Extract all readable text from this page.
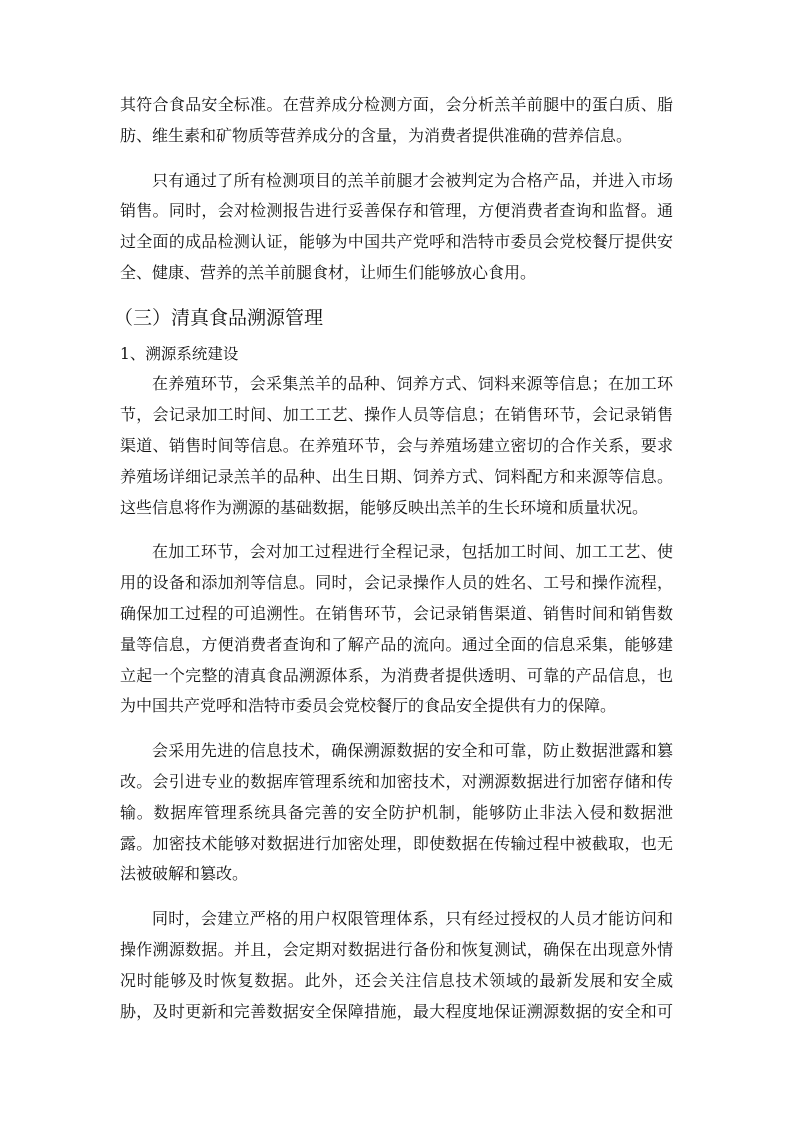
其符合食品安全标准。在营养成分检测方面，会分析羔羊前腿中的蛋白质、脂
肪、维生素和矿物质等营养成分的含量，为消费者提供准确的营养信息。
只有通过了所有检测项目的羔羊前腿才会被判定为合格产品，并进入市场
销售。同时，会对检测报告进行妥善保存和管理，方便消费者查询和监督。通
过全面的成品检测认证，能够为中国共产党呼和浩特市委员会党校餐厅提供安
全、健康、营养的羔羊前腿食材，让师生们能够放心食用。
（三）清真食品溯源管理
1、溯源系统建设
在养殖环节，会采集羔羊的品种、饲养方式、饲料来源等信息；在加工环
节，会记录加工时间、加工工艺、操作人员等信息；在销售环节，会记录销售
渠道、销售时间等信息。在养殖环节，会与养殖场建立密切的合作关系，要求
养殖场详细记录羔羊的品种、出生日期、饲养方式、饲料配方和来源等信息。
这些信息将作为溯源的基础数据，能够反映出羔羊的生长环境和质量状况。
在加工环节，会对加工过程进行全程记录，包括加工时间、加工工艺、使
用的设备和添加剂等信息。同时，会记录操作人员的姓名、工号和操作流程，
确保加工过程的可追溯性。在销售环节，会记录销售渠道、销售时间和销售数
量等信息，方便消费者查询和了解产品的流向。通过全面的信息采集，能够建
立起一个完整的清真食品溯源体系，为消费者提供透明、可靠的产品信息，也
为中国共产党呼和浩特市委员会党校餐厅的食品安全提供有力的保障。
会采用先进的信息技术，确保溯源数据的安全和可靠，防止数据泄露和篡
改。会引进专业的数据库管理系统和加密技术，对溯源数据进行加密存储和传
输。数据库管理系统具备完善的安全防护机制，能够防止非法入侵和数据泄
露。加密技术能够对数据进行加密处理，即使数据在传输过程中被截取，也无
法被破解和篡改。
同时，会建立严格的用户权限管理体系，只有经过授权的人员才能访问和
操作溯源数据。并且，会定期对数据进行备份和恢复测试，确保在出现意外情
况时能够及时恢复数据。此外，还会关注信息技术领域的最新发展和安全威
胁，及时更新和完善数据安全保障措施，最大程度地保证溯源数据的安全和可
